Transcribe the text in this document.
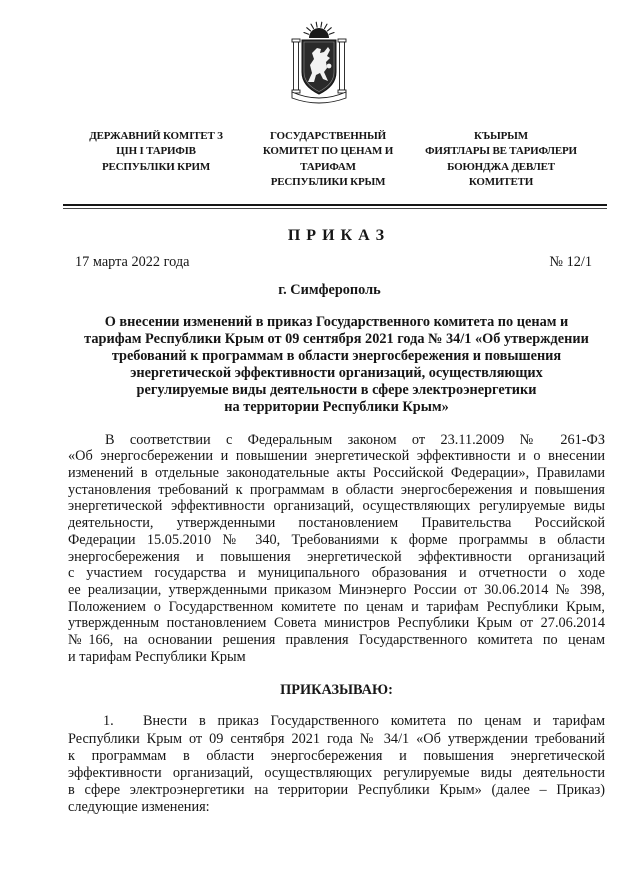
ДЕРЖАВНИЙ КОМІТЕТ З
ЦІН І ТАРИФІВ
РЕСПУБЛІКИ КРИМ
ГОСУДАРСТВЕННЫЙ
КОМИТЕТ ПО ЦЕНАМ И
ТАРИФАМ
РЕСПУБЛИКИ КРЫМ
КЪЫРЫМ
ФИЯТЛАРЫ ВЕ ТАРИФЛЕРИ
БОЮНДЖА ДЕВЛЕТ
КОМИТЕТИ
П Р И К А З
17 марта 2022 года	№ 12/1
г. Симферополь
О внесении изменений в приказ Государственного комитета по ценам и
тарифам Республики Крым от 09 сентября 2021 года № 34/1 «Об утверждении
требований к программам в области энергосбережения и повышения
энергетической эффективности организаций, осуществляющих
регулируемые виды деятельности в сфере электроэнергетики
на территории Республики Крым»
В соответствии с Федеральным законом от 23.11.2009 № 261-ФЗ
«Об энергосбережении и повышении энергетической эффективности и о внесении
изменений в отдельные законодательные акты Российской Федерации», Правилами
установления требований к программам в области энергосбережения и повышения
энергетической эффективности организаций, осуществляющих регулируемые виды
деятельности, утвержденными постановлением Правительства Российской
Федерации 15.05.2010 № 340, Требованиями к форме программы в области
энергосбережения и повышения энергетической эффективности организаций
с участием государства и муниципального образования и отчетности о ходе
ее реализации, утвержденными приказом Минэнерго России от 30.06.2014 № 398,
Положением о Государственном комитете по ценам и тарифам Республики Крым,
утвержденным постановлением Совета министров Республики Крым от 27.06.2014
№166, на основании решения правления Государственного комитета по ценам
и тарифам Республики Крым
ПРИКАЗЫВАЮ:
1. Внести в приказ Государственного комитета по ценам и тарифам
Республики Крым от 09 сентября 2021 года № 34/1 «Об утверждении требований
к программам в области энергосбережения и повышения энергетической
эффективности организаций, осуществляющих регулируемые виды деятельности
в сфере электроэнергетики на территории Республики Крым» (далее – Приказ)
следующие изменения:
